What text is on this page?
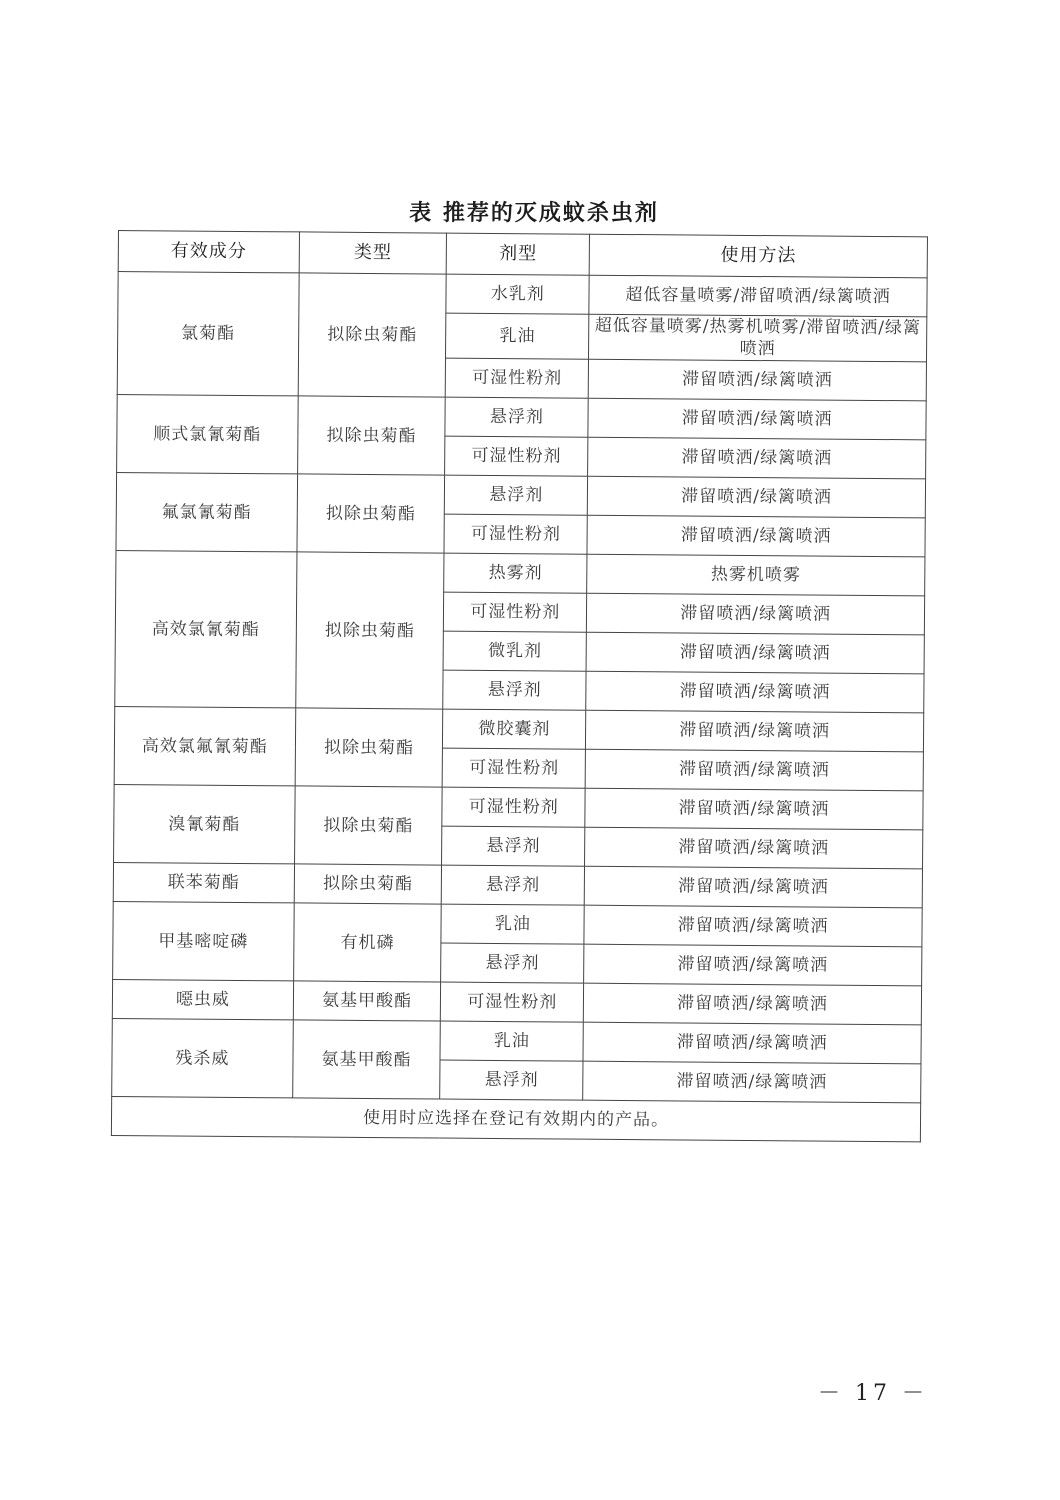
表 推荐的灭成蚊杀虫剂
有效成分	类型	剂型	使用方法
氯菊酯	拟除虫菊酯	水乳剂	超低容量喷雾/滞留喷洒/绿篱喷洒
		乳油	超低容量喷雾/热雾机喷雾/滞留喷洒/绿篱喷洒
		可湿性粉剂	滞留喷洒/绿篱喷洒
顺式氯氰菊酯	拟除虫菊酯	悬浮剂	滞留喷洒/绿篱喷洒
		可湿性粉剂	滞留喷洒/绿篱喷洒
氟氯氰菊酯	拟除虫菊酯	悬浮剂	滞留喷洒/绿篱喷洒
		可湿性粉剂	滞留喷洒/绿篱喷洒
高效氯氰菊酯	拟除虫菊酯	热雾剂	热雾机喷雾
		可湿性粉剂	滞留喷洒/绿篱喷洒
		微乳剂	滞留喷洒/绿篱喷洒
		悬浮剂	滞留喷洒/绿篱喷洒
高效氯氟氰菊酯	拟除虫菊酯	微胶囊剂	滞留喷洒/绿篱喷洒
		可湿性粉剂	滞留喷洒/绿篱喷洒
溴氰菊酯	拟除虫菊酯	可湿性粉剂	滞留喷洒/绿篱喷洒
		悬浮剂	滞留喷洒/绿篱喷洒
联苯菊酯	拟除虫菊酯	悬浮剂	滞留喷洒/绿篱喷洒
甲基嘧啶磷	有机磷	乳油	滞留喷洒/绿篱喷洒
		悬浮剂	滞留喷洒/绿篱喷洒
噁虫威	氨基甲酸酯	可湿性粉剂	滞留喷洒/绿篱喷洒
残杀威	氨基甲酸酯	乳油	滞留喷洒/绿篱喷洒
		悬浮剂	滞留喷洒/绿篱喷洒
使用时应选择在登记有效期内的产品。			
－ 17 －
